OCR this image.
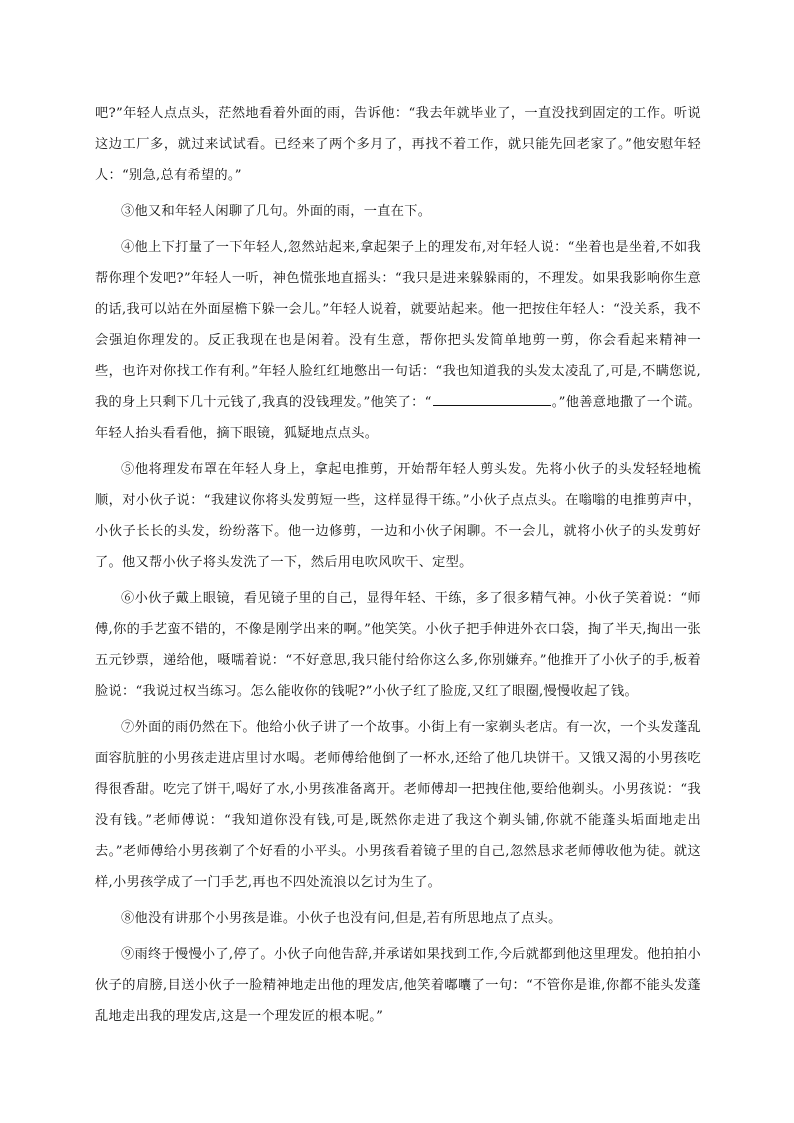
吧?”年轻人点点头，茫然地看着外面的雨，告诉他：“我去年就毕业了，一直没找到固定的工作。听说这边工厂多，就过来试试看。已经来了两个多月了，再找不着工作，就只能先回老家了。”他安慰年轻人：“别急,总有希望的。”

③他又和年轻人闲聊了几句。外面的雨，一直在下。

④他上下打量了一下年轻人,忽然站起来,拿起架子上的理发布,对年轻人说：“坐着也是坐着,不如我帮你理个发吧?”年轻人一听，神色慌张地直摇头：“我只是进来躲躲雨的，不理发。如果我影响你生意的话,我可以站在外面屋檐下躲一会儿。”年轻人说着，就要站起来。他一把按住年轻人：“没关系，我不会强迫你理发的。反正我现在也是闲着。没有生意，帮你把头发简单地剪一剪，你会看起来精神一些，也许对你找工作有利。”年轻人脸红红地憋出一句话：“我也知道我的头发太凌乱了,可是,不瞒您说,我的身上只剩下几十元钱了,我真的没钱理发。”他笑了：“	。”他善意地撒了一个谎。年轻人抬头看看他，摘下眼镜，狐疑地点点头。

⑤他将理发布罩在年轻人身上，拿起电推剪，开始帮年轻人剪头发。先将小伙子的头发轻轻地梳顺，对小伙子说：“我建议你将头发剪短一些，这样显得干练。”小伙子点点头。在嗡嗡的电推剪声中，小伙子长长的头发，纷纷落下。他一边修剪，一边和小伙子闲聊。不一会儿，就将小伙子的头发剪好了。他又帮小伙子将头发洗了一下，然后用电吹风吹干、定型。

⑥小伙子戴上眼镜，看见镜子里的自己，显得年轻、干练，多了很多精气神。小伙子笑着说：“师傅,你的手艺蛮不错的，不像是刚学出来的啊。”他笑笑。小伙子把手伸进外衣口袋，掏了半天,掏出一张五元钞票，递给他，嗫嚅着说：“不好意思,我只能付给你这么多,你别嫌弃。”他推开了小伙子的手,板着脸说：“我说过权当练习。怎么能收你的钱呢?”小伙子红了脸庞,又红了眼圈,慢慢收起了钱。

⑦外面的雨仍然在下。他给小伙子讲了一个故事。小街上有一家剃头老店。有一次，一个头发蓬乱面容肮脏的小男孩走进店里讨水喝。老师傅给他倒了一杯水,还给了他几块饼干。又饿又渴的小男孩吃得很香甜。吃完了饼干,喝好了水,小男孩准备离开。老师傅却一把拽住他,要给他剃头。小男孩说：“我没有钱。”老师傅说：“我知道你没有钱,可是,既然你走进了我这个剃头铺,你就不能蓬头垢面地走出去。”老师傅给小男孩剃了个好看的小平头。小男孩看着镜子里的自己,忽然恳求老师傅收他为徒。就这样,小男孩学成了一门手艺,再也不四处流浪以乞讨为生了。

⑧他没有讲那个小男孩是谁。小伙子也没有问,但是,若有所思地点了点头。

⑨雨终于慢慢小了,停了。小伙子向他告辞,并承诺如果找到工作,今后就都到他这里理发。他拍拍小伙子的肩膀,目送小伙子一脸精神地走出他的理发店,他笑着嘟囔了一句：“不管你是谁,你都不能头发蓬乱地走出我的理发店,这是一个理发匠的根本呢。”
